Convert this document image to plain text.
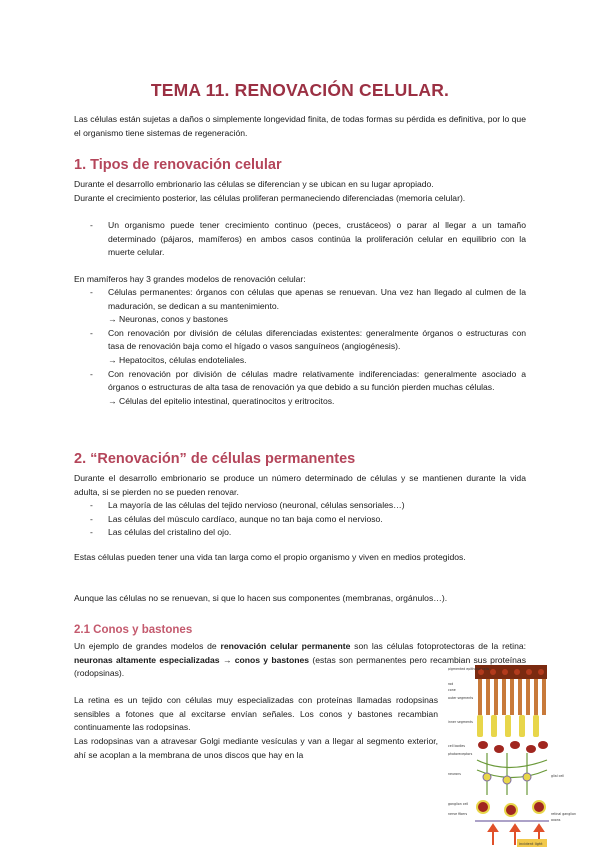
TEMA 11. RENOVACIÓN CELULAR.

Las células están sujetas a daños o simplemente longevidad finita, de todas formas su pérdida es definitiva, por lo que el organismo tiene sistemas de regeneración.

1. Tipos de renovación celular

Durante el desarrollo embrionario las células se diferencian y se ubican en su lugar apropiado.

Durante el crecimiento posterior, las células proliferan permaneciendo diferenciadas (memoria celular).

- Un organismo puede tener crecimiento continuo (peces, crustáceos) o parar al llegar a un tamaño determinado (pájaros, mamíferos) en ambos casos continúa la proliferación celular en equilibrio con la muerte celular.

En mamíferos hay 3 grandes modelos de renovación celular:

- Células permanentes: órganos con células que apenas se renuevan. Una vez han llegado al culmen de la maduración, se dedican a su mantenimiento.
→ Neuronas, conos y bastones
- Con renovación por división de células diferenciadas existentes: generalmente órganos o estructuras con tasa de renovación baja como el hígado o vasos sanguíneos (angiogénesis).
→ Hepatocitos, células endoteliales.
- Con renovación por división de células madre relativamente indiferenciadas: generalmente asociado a órganos o estructuras de alta tasa de renovación ya que debido a su función pierden muchas células.
→ Células del epitelio intestinal, queratinocitos y eritrocitos.
2. “Renovación” de células permanentes

Durante el desarrollo embrionario se produce un número determinado de células y se mantienen durante la vida adulta, si se pierden no se pueden renovar.

- La mayoría de las células del tejido nervioso (neuronal, células sensoriales…)
- Las células del músculo cardíaco, aunque no tan baja como el nervioso.
- Las células del cristalino del ojo.

Estas células pueden tener una vida tan larga como el propio organismo y viven en medios protegidos.

Aunque las células no se renuevan, si que lo hacen sus componentes (membranas, orgánulos…).

2.1 Conos y bastones

Un ejemplo de grandes modelos de renovación celular permanente son las células fotoprotectoras de la retina: neuronas altamente especializadas → conos y bastones (estas son permanentes pero recambian sus proteínas (rodopsinas).

La retina es un tejido con células muy especializadas con proteínas llamadas rodopsinas sensibles a fotones que al excitarse envían señales. Los conos y bastones recambian continuamente las rodopsinas.

Las rodopsinas van a atravesar Golgi mediante vesículas y van a llegar al segmento exterior, ahí se acoplan a la membrana de unos discos que hay en la

pigmented epithelial cells
rod
cone
outer segments
inner segments
cell bodies
photoreceptors
neurons
ganglion cell
nerve fibers
glial cell
retinal ganglion
axons
incident light
